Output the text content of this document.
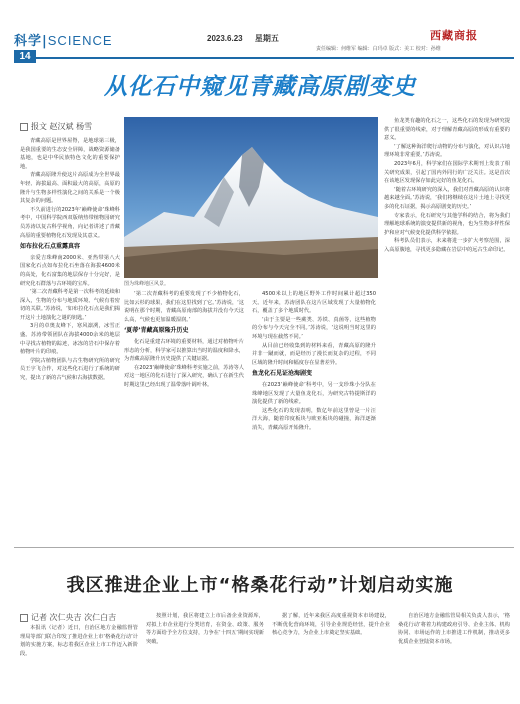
科学|SCIENCE
14
2023.6.23 星期五	西藏商报
责任编辑：何维军 编辑：白玛卓 版式：美工 校对：孙维
从化石中窥见青藏高原剧变史
报文 赵汉斌 杨雪

青藏高原是世界屋脊，是地球第三极，是我国重要的生态安全屏障，战略资源储备基地，也是中华民族特色文化的重要保护地。

青藏高原隆升使这片高原成为全世界最年轻、海拔最高、面积最大的高原，高原的隆升与生物多样性演化之间的关系是一个极其复杂的问题。

不久前进行的2023年‘巅峰使命’珠峰科考中，中国科学院西双版纳热带植物园研究员苏涛以复古科学视角，向记者讲述了青藏高原的重要植物化石发现及其意义。

如布拉化石点重露真容

亲爱吉珠峰南2000米、亚热带第八大国家化石点如布拉化石坐落在海拔4600米的高处，化石富集的地层保存十分完好，是研究化石群落与古环境的宝库。

‘第二次青藏科考是第一次科考的延续和深入，生物的分布与地质环境、气候有着密切的关联。’苏涛说，‘如布拉化石点是我们揭开这片土地演化之谜的钥匙。’

3月的卓奥友峰下，寒风凛冽，冰雪正盛。苏涛带领团队在海拔4000余米的地层中寻找古植物的踪迹，冰冻的岩石中保存着植物叶片的印痕。

学院古植物团队与古生物研究所的研究员王宇飞合作，对这些化石进行了系统的研究，提出了新的古气候和古海拔数据。

图为珠峰地区风景。

‘第二次青藏科考的重要发现了不少植物化石，比如云杉的球果，我们在这里找到了它。’苏涛说，‘这说明在那个时期，青藏高原南部的海拔并没有今天这么高，气候也更加温暖湿润。’

‘夏蒂’青藏高原隆升历史

化石是重建古环境的重要材料，通过对植物叶片形态的分析，科学家可以推算出当时的温度和降水，为青藏高原隆升历史提供了关键证据。

在2023‘巅峰使命’珠峰科考实施之前，苏涛等人对这一地区的化石进行了深入研究，确认了在新生代时期这里已经出现了温带落叶阔叶林。

4500米以上的地区野外工作时间累计超过350天。近年来，苏涛团队在这片区域发现了大量植物化石，覆盖了多个地质时代。

‘由于主要是一些蕨类、苏铁、真菌等，这些植物的分布与今天完全不同。’苏涛说，‘这说明当时这里的环境与现在截然不同。’

从目前已经收集到的材料来看，青藏高原的隆升并非一蹴而就，而是经历了漫长而复杂的过程，不同区域的隆升时间和幅度存在显著差异。

鱼龙化石见证沧海剧变

在2023‘巅峰使命’科考中，另一支珍珠小分队在珠峰地区发现了大量鱼龙化石，为研究古特提斯洋的演化提供了新的线索。

这些化石的发现表明，数亿年前这里曾是一片汪洋大海，随着印度板块与欧亚板块的碰撞，海洋逐渐消失，青藏高原开始隆升。

鱼龙类有趣的化石之一，这些化石的发现为研究提供了很重要的线索，对于理解青藏高原的形成有重要的意义。

‘了解这种海洋爬行动物的分布与演化，对认识古地理环境非常重要。’苏涛说。

2023年6月，科学家们在国际学术期刊上发表了相关研究成果，引起了国内外同行的广泛关注。这是首次在该地区发现保存如此完好的鱼龙化石。

‘随着古环境研究的深入，我们对青藏高原的认识将越来越全面。’苏涛说，‘我们将继续在这片土地上寻找更多的化石证据，揭示高原剧变的历史。’

专家表示，化石研究与其他学科的结合，将为我们理解地球系统的演变提供新的视角，也为生物多样性保护和应对气候变化提供科学依据。

科考队员们表示，未来将进一步扩大考察范围，深入高原腹地，寻找更多隐藏在岩层中的远古生命印记。

我区推进企业上市“格桑花行动”计划启动实施
记者 次仁央吉 次仁白吉

本报讯（记者）近日，自治区地方金融监督管理局等部门联合印发了推进企业上市‘格桑花行动’计划的实施方案，标志着我区企业上市工作迈入新阶段。

按照计划，我区将建立上市后备企业资源库，对拟上市企业进行分类培育，在资金、政策、服务等方面给予全方位支持，力争在‘十四五’期间实现新突破。

据了解，近年来我区高度重视资本市场建设，不断优化营商环境，引导企业规范经营，提升企业核心竞争力，为企业上市奠定坚实基础。

自治区地方金融监管局相关负责人表示，‘格桑花行动’将着力构建政府引导、企业主体、机构协同、市场运作的上市推进工作机制，推动更多优质企业登陆资本市场。
